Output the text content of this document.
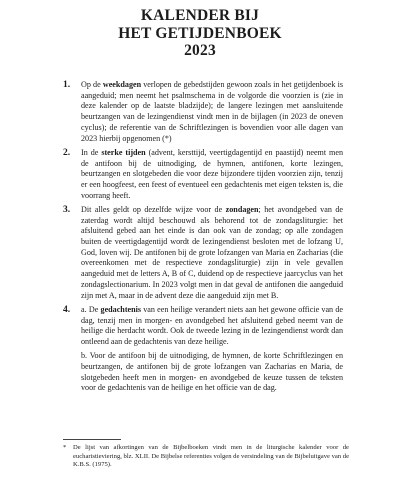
KALENDER BIJ
HET GETIJDENBOEK
2023
1. Op de weekdagen verlopen de gebedstijden gewoon zoals in het getijdenboek is aangeduid; men neemt het psalmschema in de volgorde die voorzien is (zie in deze kalender op de laatste bladzijde); de langere lezingen met aansluitende beurtzangen van de lezingendienst vindt men in de bijlagen (in 2023 de oneven cyclus); de referentie van de Schriftlezingen is bovendien voor alle dagen van 2023 hierbij opgenomen (*)

2. In de sterke tijden (advent, kersttijd, veertigdagentijd en paastijd) neemt men de antifoon bij de uitnodiging, de hymnen, antifonen, korte lezingen, beurtzangen en slotgebeden die voor deze bijzondere tijden voorzien zijn, tenzij er een hoogfeest, een feest of eventueel een gedachtenis met eigen teksten is, die voorrang heeft.

3. Dit alles geldt op dezelfde wijze voor de zondagen; het avondgebed van de zaterdag wordt altijd beschouwd als behorend tot de zondagsliturgie: het afsluitend gebed aan het einde is dan ook van de zondag; op alle zondagen buiten de veertigdagentijd wordt de lezingendienst besloten met de lofzang U, God, loven wij. De antifonen bij de grote lofzangen van Maria en Zacharias (die overeenkomen met de respectieve zondagsliturgie) zijn in vele gevallen aangeduid met de letters A, B of C, duidend op de respectieve jaarcyclus van het zondagslectionarium. In 2023 volgt men in dat geval de antifonen die aangeduid zijn met A, maar in de advent deze die aangeduid zijn met B.

4. a. De gedachtenis van een heilige verandert niets aan het gewone officie van de dag, tenzij men in morgen- en avondgebed het afsluitend gebed neemt van de heilige die herdacht wordt. Ook de tweede lezing in de lezingendienst wordt dan ontleend aan de gedachtenis van deze heilige.

b. Voor de antifoon bij de uitnodiging, de hymnen, de korte Schriftlezingen en beurtzangen, de antifonen bij de grote lofzangen van Zacharias en Maria, de slotgebeden heeft men in morgen- en avondgebed de keuze tussen de teksten voor de gedachtenis van de heilige en het officie van de dag.

* De lijst van afkortingen van de Bijbelboeken vindt men in de liturgische kalender voor de eucharistieviering, blz. XLII. De Bijbelse referenties volgen de versindeling van de Bijbeluitgave van de K.B.S. (1975).
